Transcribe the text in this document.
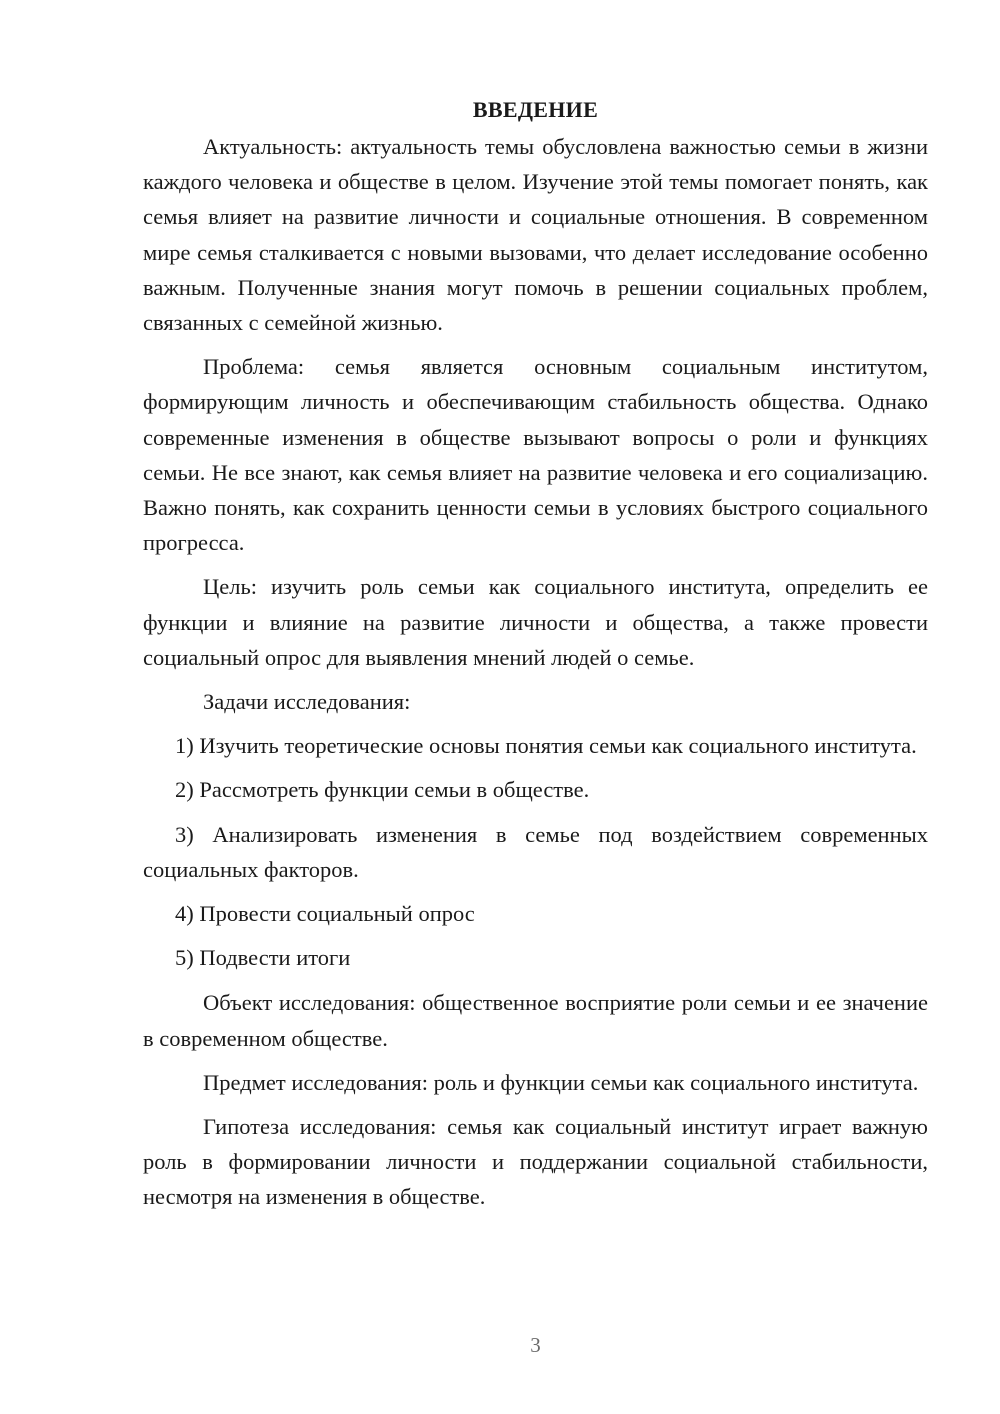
ВВЕДЕНИЕ

Актуальность: актуальность темы обусловлена важностью семьи в жизни каждого человека и обществе в целом. Изучение этой темы помогает понять, как семья влияет на развитие личности и социальные отношения. В современном мире семья сталкивается с новыми вызовами, что делает исследование особенно важным. Полученные знания могут помочь в решении социальных проблем, связанных с семейной жизнью.

Проблема: семья является основным социальным институтом, формирующим личность и обеспечивающим стабильность общества. Однако современные изменения в обществе вызывают вопросы о роли и функциях семьи. Не все знают, как семья влияет на развитие человека и его социализацию. Важно понять, как сохранить ценности семьи в условиях быстрого социального прогресса.

Цель: изучить роль семьи как социального института, определить ее функции и влияние на развитие личности и общества, а также провести социальный опрос для выявления мнений людей о семье.

Задачи исследования:

1) Изучить теоретические основы понятия семьи как социального института.

2) Рассмотреть функции семьи в обществе.

3) Анализировать изменения в семье под воздействием современных социальных факторов.

4) Провести социальный опрос

5) Подвести итоги

Объект исследования: общественное восприятие роли семьи и ее значение в современном обществе.

Предмет исследования: роль и функции семьи как социального института.

Гипотеза исследования: семья как социальный институт играет важную роль в формировании личности и поддержании социальной стабильности, несмотря на изменения в обществе.

3
